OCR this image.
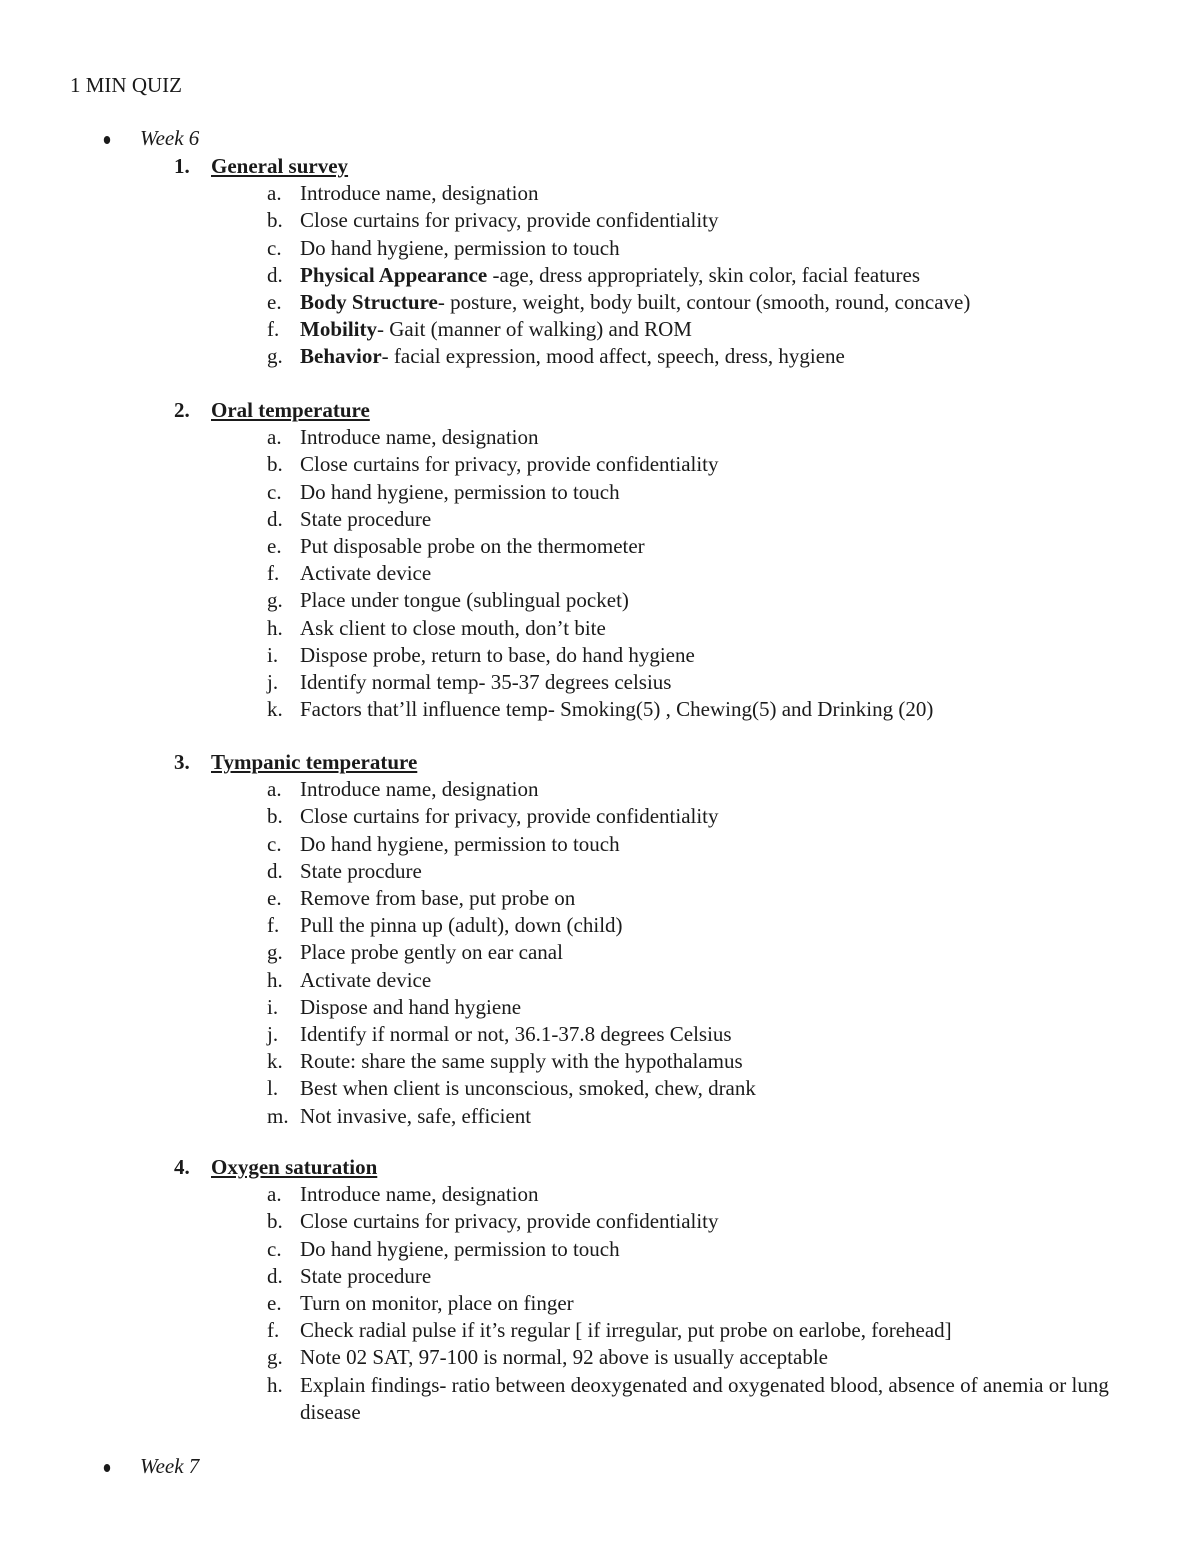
1 MIN QUIZ
Week 6
1. General survey
a. Introduce name, designation
b. Close curtains for privacy, provide confidentiality
c. Do hand hygiene, permission to touch
d. Physical Appearance -age, dress appropriately, skin color, facial features
e. Body Structure- posture, weight, body built, contour (smooth, round, concave)
f. Mobility- Gait (manner of walking) and ROM
g. Behavior- facial expression, mood affect, speech, dress, hygiene
2. Oral temperature
a. Introduce name, designation
b. Close curtains for privacy, provide confidentiality
c. Do hand hygiene, permission to touch
d. State procedure
e. Put disposable probe on the thermometer
f. Activate device
g. Place under tongue (sublingual pocket)
h. Ask client to close mouth, don’t bite
i. Dispose probe, return to base, do hand hygiene
j. Identify normal temp- 35-37 degrees celsius
k. Factors that’ll influence temp- Smoking(5) , Chewing(5) and Drinking (20)
3. Tympanic temperature
a. Introduce name, designation
b. Close curtains for privacy, provide confidentiality
c. Do hand hygiene, permission to touch
d. State procdure
e. Remove from base, put probe on
f. Pull the pinna up (adult), down (child)
g. Place probe gently on ear canal
h. Activate device
i. Dispose and hand hygiene
j. Identify if normal or not, 36.1-37.8 degrees Celsius
k. Route: share the same supply with the hypothalamus
l. Best when client is unconscious, smoked, chew, drank
m. Not invasive, safe, efficient
4. Oxygen saturation
a. Introduce name, designation
b. Close curtains for privacy, provide confidentiality
c. Do hand hygiene, permission to touch
d. State procedure
e. Turn on monitor, place on finger
f. Check radial pulse if it’s regular [ if irregular, put probe on earlobe, forehead]
g. Note 02 SAT, 97-100 is normal, 92 above is usually acceptable
h. Explain findings- ratio between deoxygenated and oxygenated blood, absence of anemia or lung disease
Week 7
